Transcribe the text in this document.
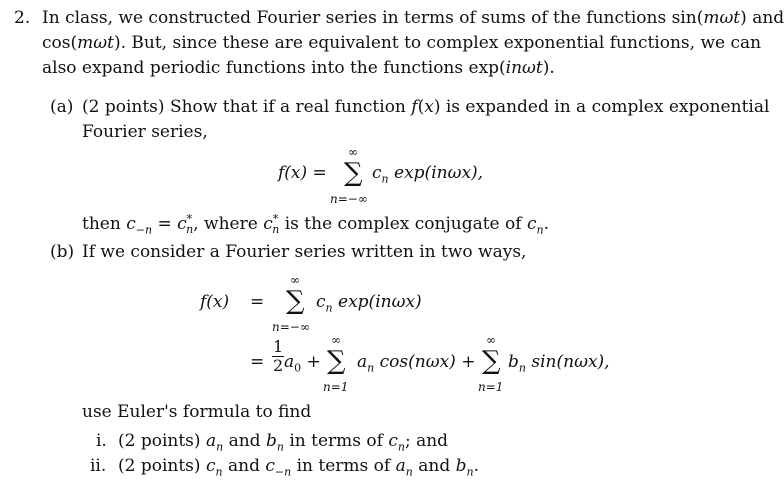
2. In class, we constructed Fourier series in terms of sums of the functions sin(mωt) and
cos(mωt). But, since these are equivalent to complex exponential functions, we can
also expand periodic functions into the functions exp(inωt).
(a) (2 points) Show that if a real function f(x) is expanded in a complex exponential
Fourier series,
f(x) = ∑
∞
n=−∞
$c_n$ exp(inωx),
then $c_{-n} = c^*_n$, where $c^*_n$ is the complex conjugate of $c_n$.
(b) If we consider a Fourier series written in two ways,
f(x) = ∑
∞
n=−∞
$c_n$ exp(inωx)
= $\frac{1}{2} a_0$ + ∑
∞
n=1
$a_n$ cos(nωx) + ∑
∞
n=1
$b_n$ sin(nωx),
use Euler's formula to find
i. (2 points) $a_n$ and $b_n$ in terms of $c_n$; and
ii. (2 points) $c_n$ and $c_{-n}$ in terms of $a_n$ and $b_n$.
